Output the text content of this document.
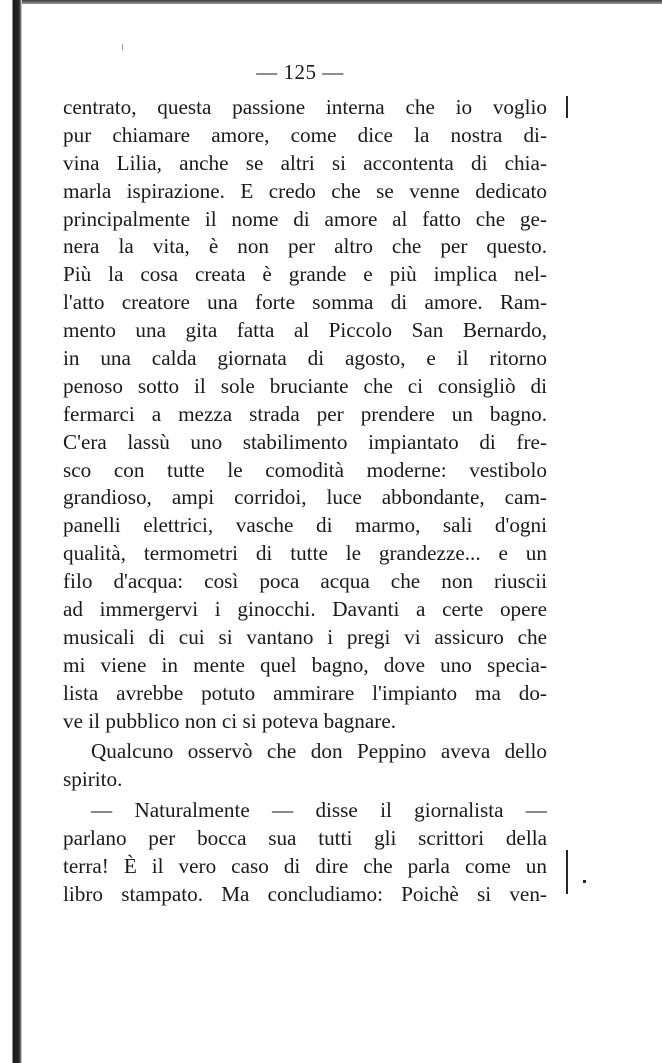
— 125 —
centrato, questa passione interna che io voglio
pur chiamare amore, come dice la nostra di-
vina Lilia, anche se altri si accontenta di chia-
marla ispirazione. E credo che se venne dedicato
principalmente il nome di amore al fatto che ge-
nera la vita, è non per altro che per questo.
Più la cosa creata è grande e più implica nel-
l'atto creatore una forte somma di amore. Ram-
mento una gita fatta al Piccolo San Bernardo,
in una calda giornata di agosto, e il ritorno
penoso sotto il sole bruciante che ci consigliò di
fermarci a mezza strada per prendere un bagno.
C'era lassù uno stabilimento impiantato di fre-
sco con tutte le comodità moderne: vestibolo
grandioso, ampi corridoi, luce abbondante, cam-
panelli elettrici, vasche di marmo, sali d'ogni
qualità, termometri di tutte le grandezze... e un
filo d'acqua: così poca acqua che non riuscii
ad immergervi i ginocchi. Davanti a certe opere
musicali di cui si vantano i pregi vi assicuro che
mi viene in mente quel bagno, dove uno specia-
lista avrebbe potuto ammirare l'impianto ma do-
ve il pubblico non ci si poteva bagnare.
Qualcuno osservò che don Peppino aveva dello
spirito.
— Naturalmente — disse il giornalista —
parlano per bocca sua tutti gli scrittori della
terra! È il vero caso di dire che parla come un
libro stampato. Ma concludiamo: Poichè si ven-
